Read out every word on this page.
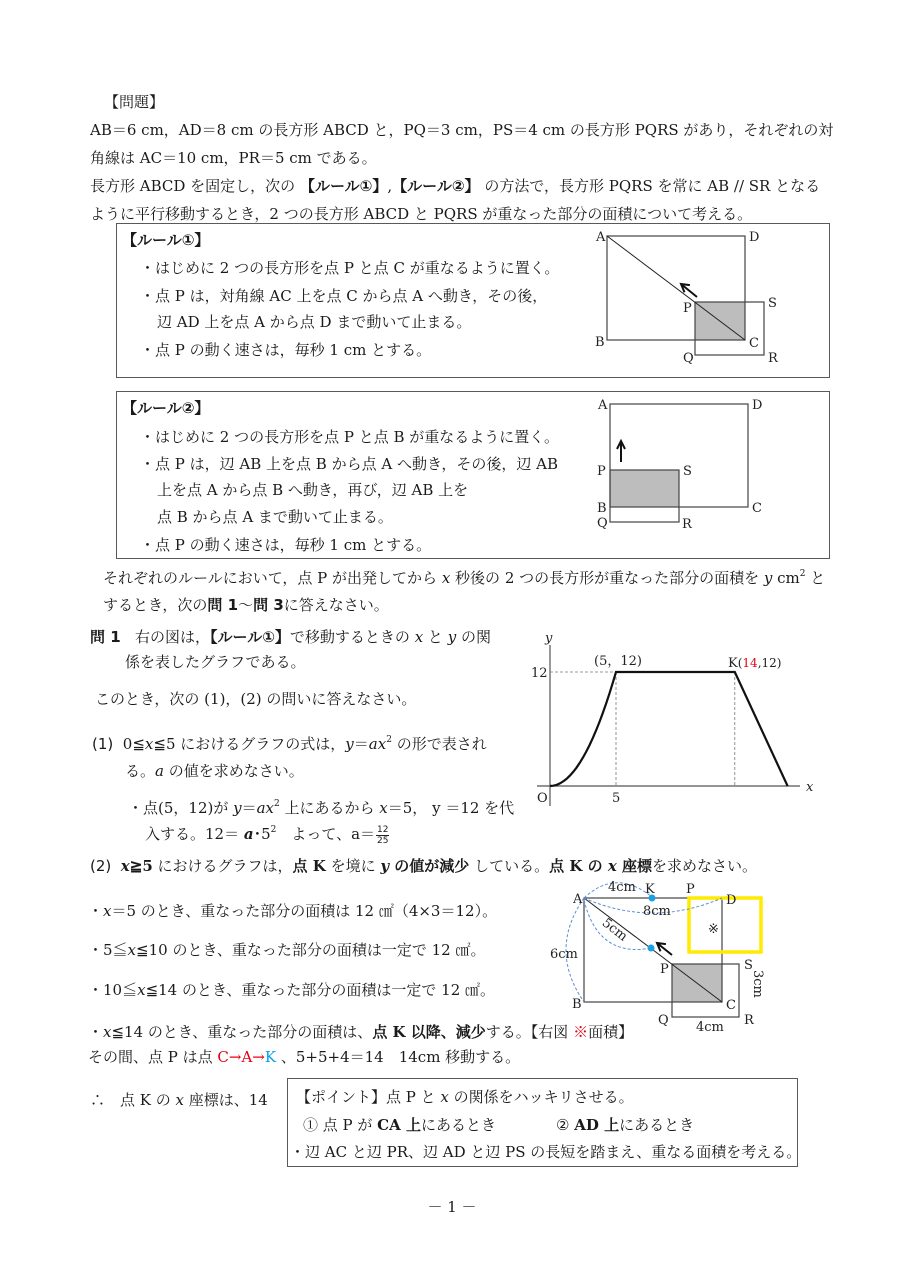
【問題】
AB＝6 cm，AD＝8 cm の長方形 ABCD と，PQ＝3 cm，PS＝4 cm の長方形 PQRS があり，それぞれの対
角線は AC＝10 cm，PR＝5 cm である。
長方形 ABCD を固定し，次の 【ルール①】,【ルール②】 の方法で，長方形 PQRS を常に AB // SR となる
ように平行移動するとき，2 つの長方形 ABCD と PQRS が重なった部分の面積について考える。
【ルール①】
・はじめに 2 つの長方形を点 P と点 C が重なるように置く。
・点 P は，対角線 AC 上を点 C から点 A へ動き，その後，
辺 AD 上を点 A から点 D まで動いて止まる。
・点 P の動く速さは，毎秒 1 cm とする。
A	D
B	C
P	S
Q	R
【ルール②】
・はじめに 2 つの長方形を点 P と点 B が重なるように置く。
・点 P は，辺 AB 上を点 B から点 A へ動き，その後，辺 AB
上を点 A から点 B へ動き，再び，辺 AB 上を
点 B から点 A まで動いて止まる。
・点 P の動く速さは，毎秒 1 cm とする。
A	D
P	S
B	C
Q	R
それぞれのルールにおいて，点 P が出発してから x 秒後の 2 つの長方形が重なった部分の面積を y $cm^2$ と
するとき，次の問 1～問 3に答えなさい。
問 1 右の図は，【ルール①】で移動するときの x と y の関
係を表したグラフである。
このとき，次の (1)，(2) の問いに答えなさい。
(1) 0≦x≦5 におけるグラフの式は，$y=ax^2$ の形で表され
る。a の値を求めなさい。
・点(5，12)が $y=ax^2$ 上にあるから x＝5， y ＝12 を代
入する。12＝ a･$5^2$　よって、$a= \frac{12}{25}$
y
x
O
12
5
(5，12)	K(14,12)
(2) x≧5 におけるグラフは，点 K を境に y の値が減少 している。点 K の x 座標を求めなさい。
・x＝5 のとき、重なった部分の面積は 12 ㎠（4×3＝12）。
・5≦x≦10 のとき、重なった部分の面積は一定で 12 ㎠。
・10≦x≦14 のとき、重なった部分の面積は一定で 12 ㎠。
・x≦14 のとき、重なった部分の面積は、点 K 以降、減少する。【右図 ※面積】
その間、点 P は点 C→A→K 、5+5+4＝14　14cm 移動する。
∴　点 K の x 座標は、14
※
A
K P
D
P	S
B	C
Q	R
4cm
8cm
5cm
6cm
3cm
4cm
【ポイント】点 P と x の関係をハッキリさせる。
① 点 P が CA 上にあるとき	② AD 上にあるとき
・辺 AC と辺 PR、辺 AD と辺 PS の長短を踏まえ、重なる面積を考える。
－ 1 －
